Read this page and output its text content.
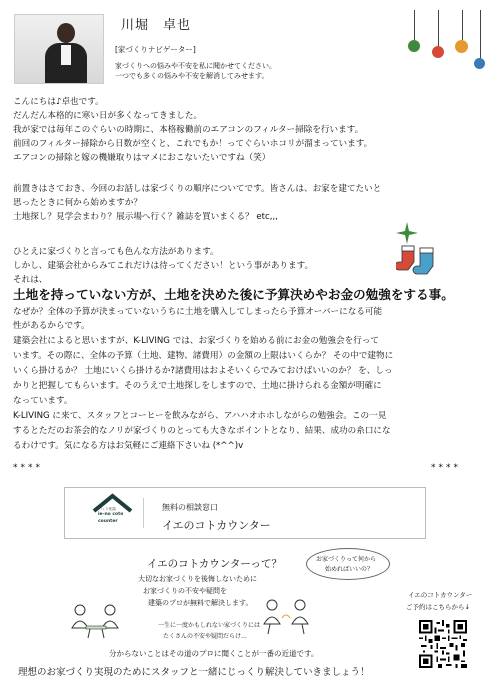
川堀　卓也
[家づくりナビゲーター]
家づくりへの悩みや不安を私に聞かせてください。
一つでも多くの悩みや不安を解消してみせます。
こんにちは♪卓也です。
だんだん本格的に寒い日が多くなってきました。
我が家では毎年このぐらいの時期に、本格稼働前のエアコンのフィルター掃除を行います。
前回のフィルター掃除から日数が空くと、これでもか！ってぐらいホコリが溜まっています。
エアコンの掃除と嫁の機嫌取りはマメにおこないたいですね（笑）
前置きはさておき、今回のお話しは家づくりの順序についてです。皆さんは、お家を建てたいと
思ったときに何から始めますか？
土地探し？見学会まわり？展示場へ行く？雑誌を買いまくる？ etc,,,
ひとえに家づくりと言っても色んな方法があります。
しかし、建築会社からみてこれだけは待ってください！という事があります。
それは、
土地を持っていない方が、土地を決めた後に予算決めやお金の勉強をする事。
なぜか？全体の予算が決まっていないうちに土地を購入してしまったら予算オーバーになる可能
性があるからです。
建築会社によると思いますが、K-LIVING では、お家づくりを始める前にお金の勉強会を行って
います。その際に、全体の予算（土地、建物、諸費用）の金額の上限はいくらか？ その中で建物に
いくら掛けるか？ 土地にいくら掛けるか?諸費用はおよそいくらでみておけばいいのか？ を、しっ
かりと把握してもらいます。そのうえで土地探しをしますので、土地に掛けられる金額が明確に
なっています。
K-LIVING に来て、スタッフとコーヒーを飲みながら、アハハオホホしながらの勉強会。この一見
するとただのお茶会的なノリが家づくりのとっても大きなポイントとなり、結果、成功の糸口にな
るわけです。気になる方はお気軽にご連絡下さいね (*^^)v
****	****
家づくり相談
ie-no coto
counter
無料の相談窓口
イエのコトカウンター
イエのコトカウンターって？
大切なお家づくりを後悔しないために
お家づくりの不安や疑問を
建築のプロが無料で解決します。
一生に一度かもしれない家づくりには
たくさんの不安や疑問だらけ…
お家づくりって何から
始めればいいの？
イエのコトカウンター
ご予約はこちらから↓
分からないことはその道のプロに聞くことが一番の近道です。
理想のお家づくり実現のためにスタッフと一緒にじっくり解決していきましょう！
